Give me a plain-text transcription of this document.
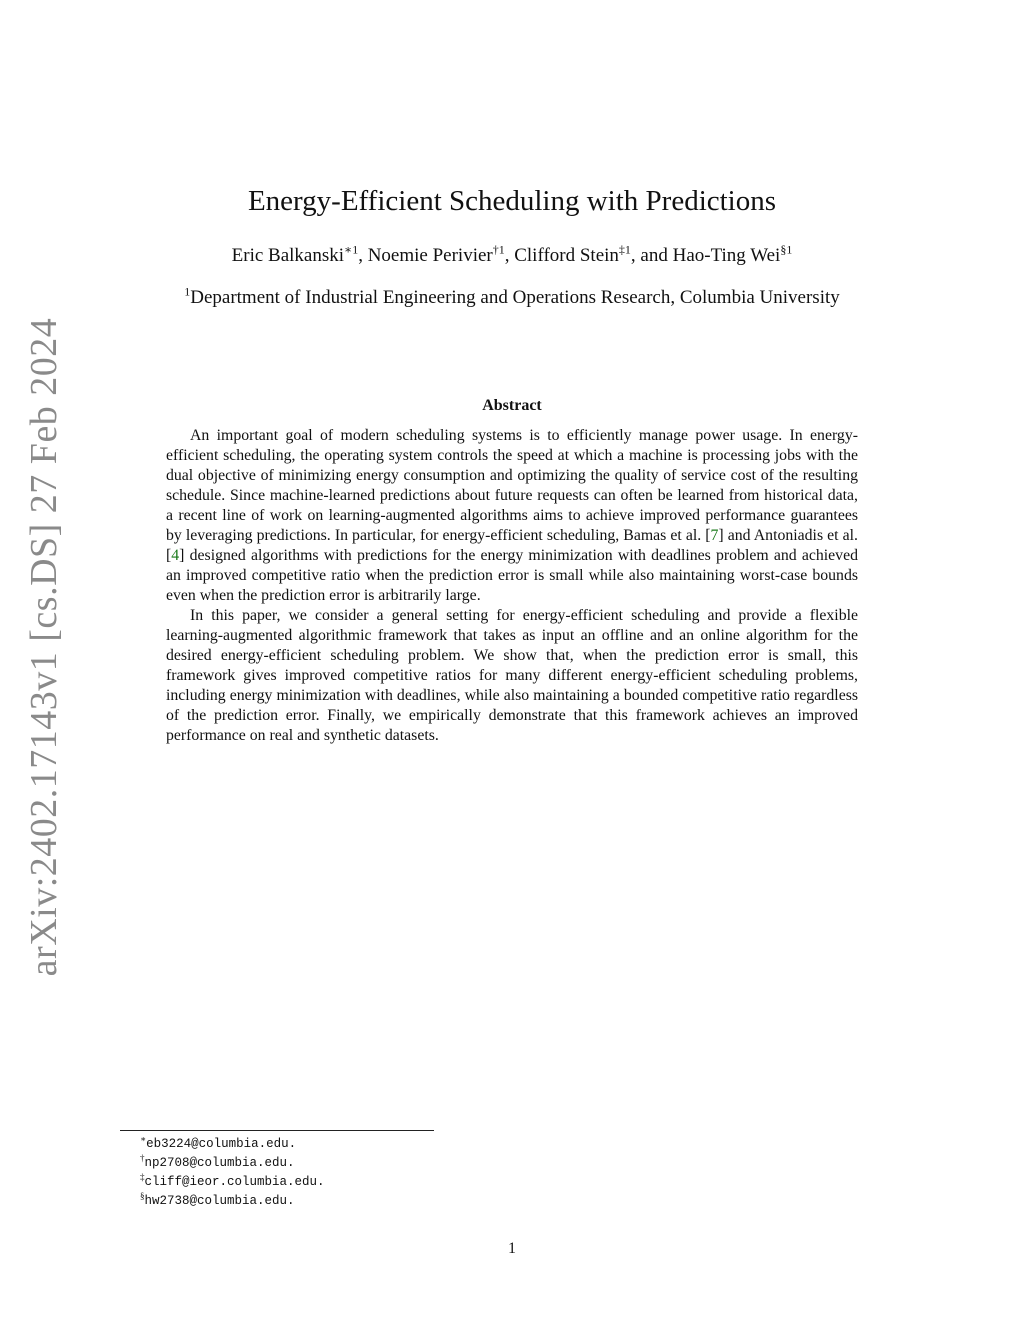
arXiv:2402.17143v1 [cs.DS] 27 Feb 2024
Energy-Efficient Scheduling with Predictions
Eric Balkanski$^{∗1}$, Noemie Perivier$^{\dagger 1}$, Clifford Stein$^{\ddagger 1}$, and Hao-Ting Wei$^{\S 1}$
$^1$Department of Industrial Engineering and Operations Research, Columbia University
Abstract

An important goal of modern scheduling systems is to efficiently manage power usage. In energy-efficient scheduling, the operating system controls the speed at which a machine is processing jobs with the dual objective of minimizing energy consumption and optimizing the quality of service cost of the resulting schedule. Since machine-learned predictions about future requests can often be learned from historical data, a recent line of work on learning-augmented algorithms aims to achieve improved performance guarantees by leveraging predictions. In particular, for energy-efficient scheduling, Bamas et al. [7] and Antoniadis et al. [4] designed algorithms with predictions for the energy minimization with deadlines problem and achieved an improved competitive ratio when the prediction error is small while also maintaining worst-case bounds even when the prediction error is arbitrarily large.

In this paper, we consider a general setting for energy-efficient scheduling and provide a flexible learning-augmented algorithmic framework that takes as input an offline and an online algorithm for the desired energy-efficient scheduling problem. We show that, when the prediction error is small, this framework gives improved competitive ratios for many different energy-efficient scheduling problems, including energy minimization with deadlines, while also maintaining a bounded competitive ratio regardless of the prediction error. Finally, we empirically demonstrate that this framework achieves an improved performance on real and synthetic datasets.

∗eb3224@columbia.edu.
†np2708@columbia.edu.
‡cliff@ieor.columbia.edu.
§hw2738@columbia.edu.
1
